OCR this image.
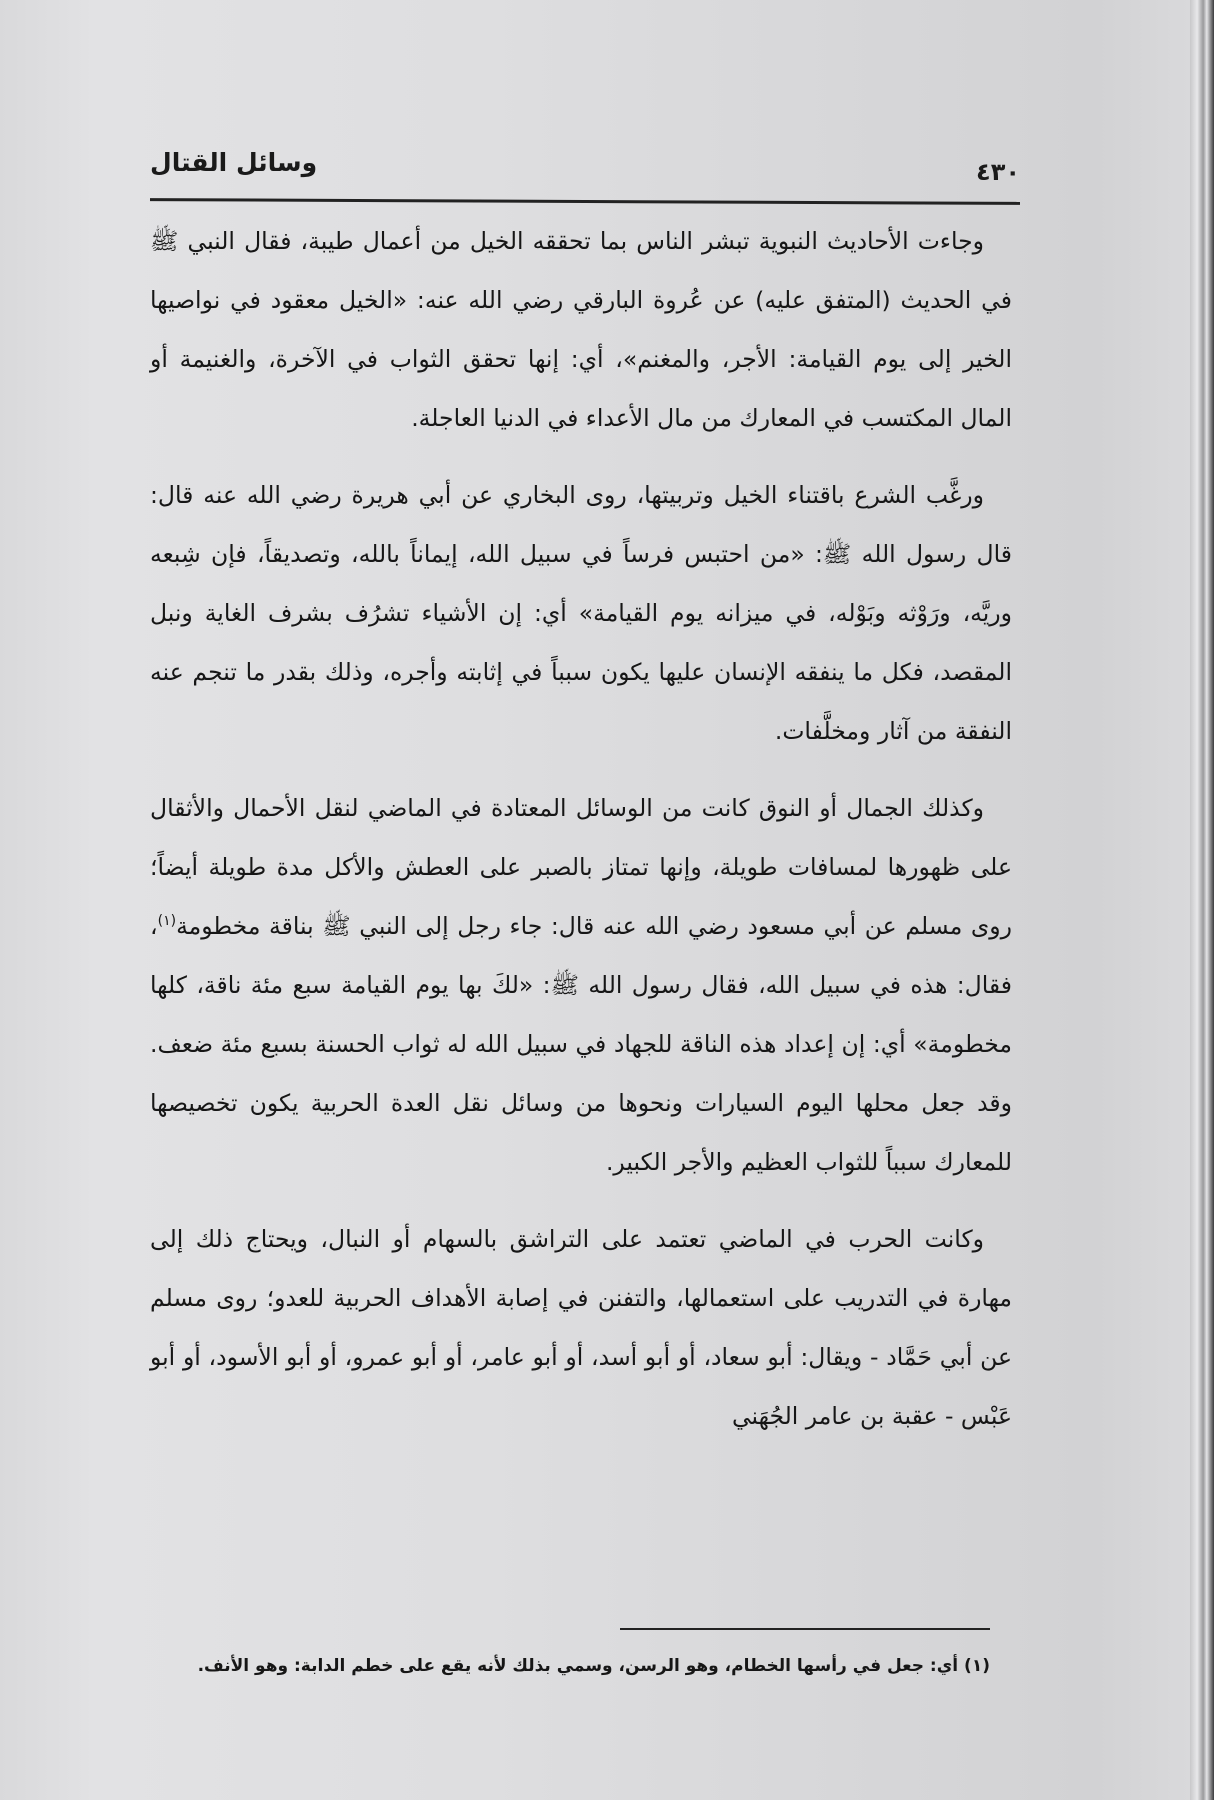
وسائل القتال	٤٣٠

وجاءت الأحاديث النبوية تبشر الناس بما تحققه الخيل من أعمال طيبة، فقال النبي ﷺ في الحديث (المتفق عليه) عن عُروة البارقي رضي الله عنه: «الخيل معقود في نواصيها الخير إلى يوم القيامة: الأجر، والمغنم»، أي: إنها تحقق الثواب في الآخرة، والغنيمة أو المال المكتسب في المعارك من مال الأعداء في الدنيا العاجلة.

ورغَّب الشرع باقتناء الخيل وتربيتها، روى البخاري عن أبي هريرة رضي الله عنه قال: قال رسول الله ﷺ: «من احتبس فرساً في سبيل الله، إيماناً بالله، وتصديقاً، فإن شِبعه وريَّه، ورَوْثه وبَوْله، في ميزانه يوم القيامة» أي: إن الأشياء تشرُف بشرف الغاية ونبل المقصد، فكل ما ينفقه الإنسان عليها يكون سبباً في إثابته وأجره، وذلك بقدر ما تنجم عنه النفقة من آثار ومخلَّفات.

وكذلك الجمال أو النوق كانت من الوسائل المعتادة في الماضي لنقل الأحمال والأثقال على ظهورها لمسافات طويلة، وإنها تمتاز بالصبر على العطش والأكل مدة طويلة أيضاً؛ روى مسلم عن أبي مسعود رضي الله عنه قال: جاء رجل إلى النبي ﷺ بناقة مخطومة$^{(١)}$، فقال: هذه في سبيل الله، فقال رسول الله ﷺ: «لكَ بها يوم القيامة سبع مئة ناقة، كلها مخطومة» أي: إن إعداد هذه الناقة للجهاد في سبيل الله له ثواب الحسنة بسبع مئة ضعف. وقد جعل محلها اليوم السيارات ونحوها من وسائل نقل العدة الحربية يكون تخصيصها للمعارك سبباً للثواب العظيم والأجر الكبير.

وكانت الحرب في الماضي تعتمد على التراشق بالسهام أو النبال، ويحتاج ذلك إلى مهارة في التدريب على استعمالها، والتفنن في إصابة الأهداف الحربية للعدو؛ روى مسلم عن أبي حَمَّاد - ويقال: أبو سعاد، أو أبو أسد، أو أبو عامر، أو أبو عمرو، أو أبو الأسود، أو أبو عَبْس - عقبة بن عامر الجُهَني

(١) أي: جعل في رأسها الخطام، وهو الرسن، وسمي بذلك لأنه يقع على خطم الدابة: وهو الأنف.
